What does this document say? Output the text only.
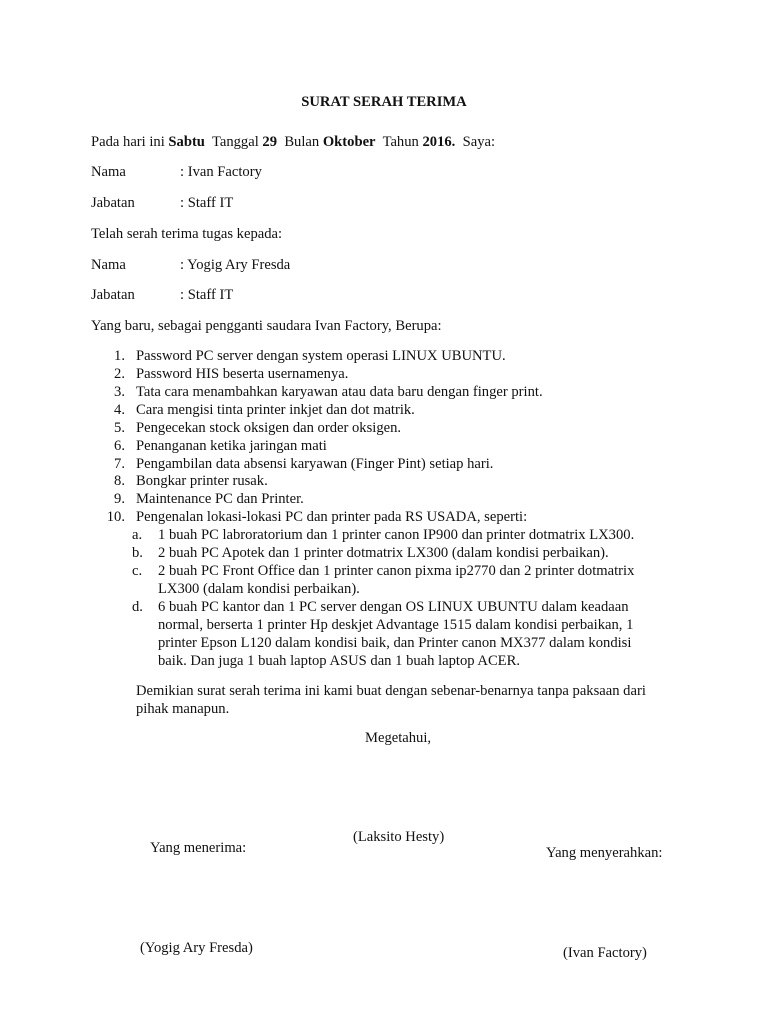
SURAT SERAH TERIMA
Pada hari ini Sabtu  Tanggal 29  Bulan Oktober  Tahun 2016.  Saya:
Nama	: Ivan Factory
Jabatan	: Staff IT
Telah serah terima tugas kepada:
Nama	: Yogig Ary Fresda
Jabatan	: Staff IT
Yang baru, sebagai pengganti saudara Ivan Factory, Berupa:
1. Password PC server dengan system operasi LINUX UBUNTU.
2. Password HIS beserta usernamenya.
3. Tata cara menambahkan karyawan atau data baru dengan finger print.
4. Cara mengisi tinta printer inkjet dan dot matrik.
5. Pengecekan stock oksigen dan order oksigen.
6. Penanganan ketika jaringan mati
7. Pengambilan data absensi karyawan (Finger Pint) setiap hari.
8. Bongkar printer rusak.
9. Maintenance PC dan Printer.
10. Pengenalan lokasi-lokasi PC dan printer pada RS USADA, seperti:
a.	1 buah PC labroratorium dan 1 printer canon IP900 dan printer dotmatrix LX300.
b.	2 buah PC Apotek dan 1 printer dotmatrix LX300 (dalam kondisi perbaikan).
c.	2 buah PC Front Office dan 1 printer canon pixma ip2770 dan 2 printer dotmatrix
LX300 (dalam kondisi perbaikan).
d.	6 buah PC kantor dan 1 PC server dengan OS LINUX UBUNTU dalam keadaan
normal, berserta 1 printer Hp deskjet Advantage 1515 dalam kondisi perbaikan, 1
printer Epson L120 dalam kondisi baik, dan Printer canon MX377 dalam kondisi
baik. Dan juga 1 buah laptop ASUS dan 1 buah laptop ACER.
Demikian surat serah terima ini kami buat dengan sebenar-benarnya tanpa paksaan dari
pihak manapun.
Megetahui,
(Laksito Hesty)
Yang menerima:
(Yogig Ary Fresda)
Yang menyerahkan:
(Ivan Factory)
